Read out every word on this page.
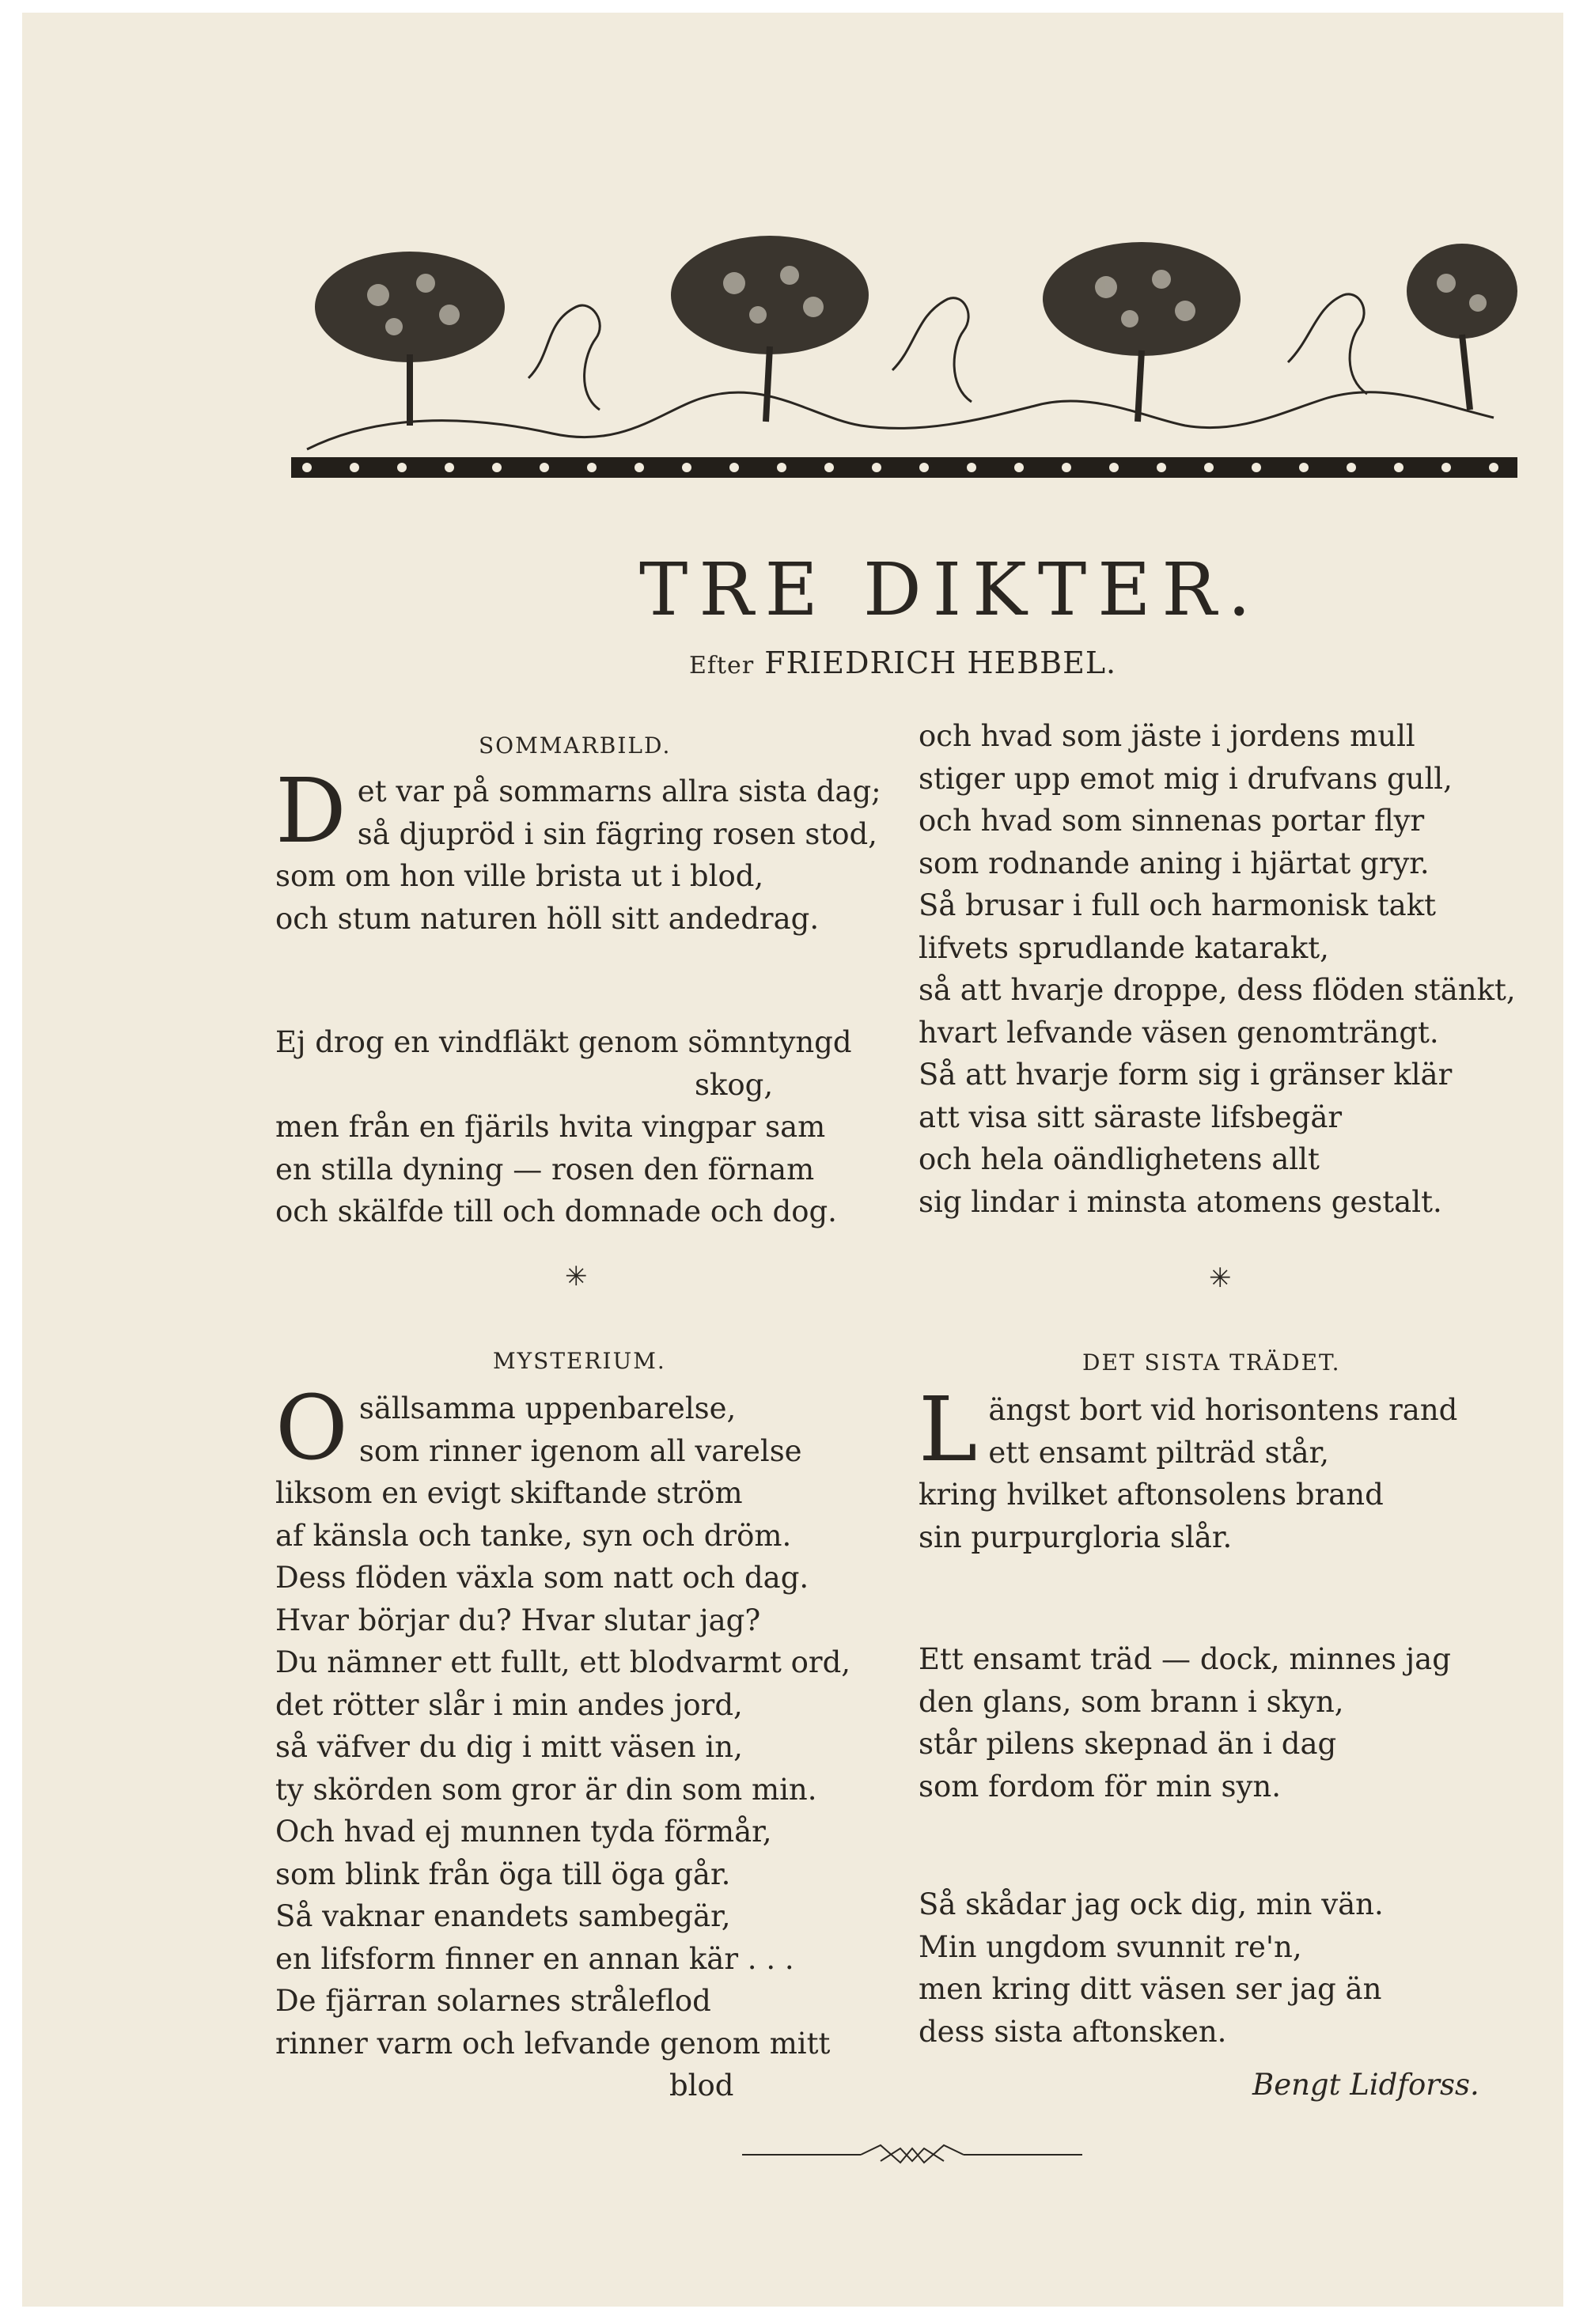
TRE DIKTER.
Efter FRIEDRICH HEBBEL.
SOMMARBILD.
D et var på sommarns allra sista dag;
så djupröd i sin fägring rosen stod,
som om hon ville brista ut i blod,
och stum naturen höll sitt andedrag.
Ej drog en vindfläkt genom sömntyngd
skog,
men från en fjärils hvita vingpar sam
en stilla dyning — rosen den förnam
och skälfde till och domnade och dog.
✳
MYSTERIUM.
O sällsamma uppenbarelse,
som rinner igenom all varelse
liksom en evigt skiftande ström
af känsla och tanke, syn och dröm.
Dess flöden växla som natt och dag.
Hvar börjar du? Hvar slutar jag?
Du nämner ett fullt, ett blodvarmt ord,
det rötter slår i min andes jord,
så väfver du dig i mitt väsen in,
ty skörden som gror är din som min.
Och hvad ej munnen tyda förmår,
som blink från öga till öga går.
Så vaknar enandets sambegär,
en lifsform finner en annan kär . . .
De fjärran solarnes stråleflod
rinner varm och lefvande genom mitt
blod
och hvad som jäste i jordens mull
stiger upp emot mig i drufvans gull,
och hvad som sinnenas portar flyr
som rodnande aning i hjärtat gryr.
Så brusar i full och harmonisk takt
lifvets sprudlande katarakt,
så att hvarje droppe, dess flöden stänkt,
hvart lefvande väsen genomträngt.
Så att hvarje form sig i gränser klär
att visa sitt säraste lifsbegär
och hela oändlighetens allt
sig lindar i minsta atomens gestalt.
✳
DET SISTA TRÄDET.
L ängst bort vid horisontens rand
ett ensamt pilträd står,
kring hvilket aftonsolens brand
sin purpurgloria slår.
Ett ensamt träd — dock, minnes jag
den glans, som brann i skyn,
står pilens skepnad än i dag
som fordom för min syn.
Så skådar jag ock dig, min vän.
Min ungdom svunnit re'n,
men kring ditt väsen ser jag än
dess sista aftonsken.
Bengt Lidforss.
